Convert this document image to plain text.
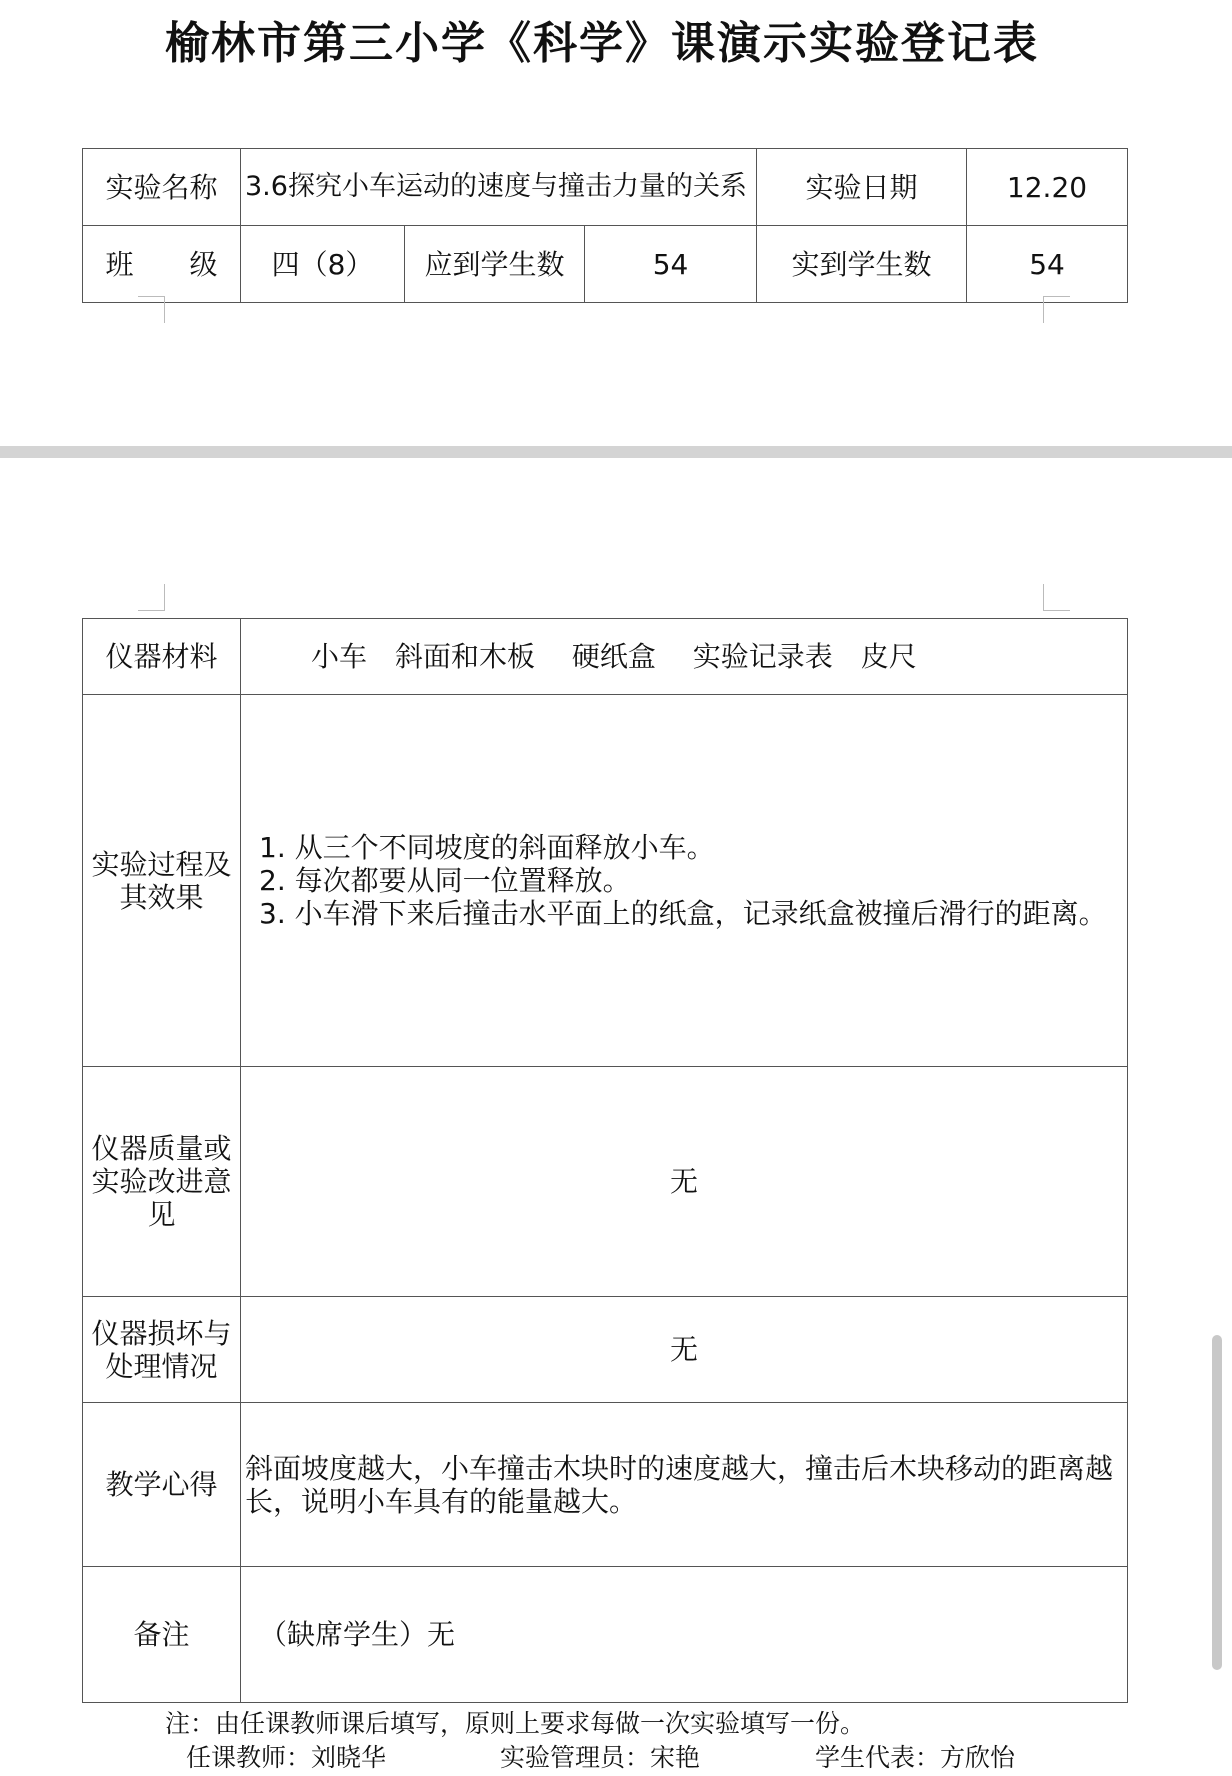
榆林市第三小学《科学》课演示实验登记表
实验名称	3.6探究小车运动的速度与撞击力量的关系			实验日期	12.20
班　　级	四（8）	应到学生数	54	实到学生数	54
仪器材料	小车　斜面和木板　 硬纸盒　 实验记录表　皮尺
实验过程及其效果	1. 从三个不同坡度的斜面释放小车。
2. 每次都要从同一位置释放。
3. 小车滑下来后撞击水平面上的纸盒，记录纸盒被撞后滑行的距离。

仪器质量或实验改进意见	无
仪器损坏与处理情况	无
教学心得	斜面坡度越大，小车撞击木块时的速度越大，撞击后木块移动的距离越长，说明小车具有的能量越大。
备注	（缺席学生）无
注：由任课教师课后填写，原则上要求每做一次实验填写一份。
任课教师：刘晓华	实验管理员：宋艳	学生代表：方欣怡
